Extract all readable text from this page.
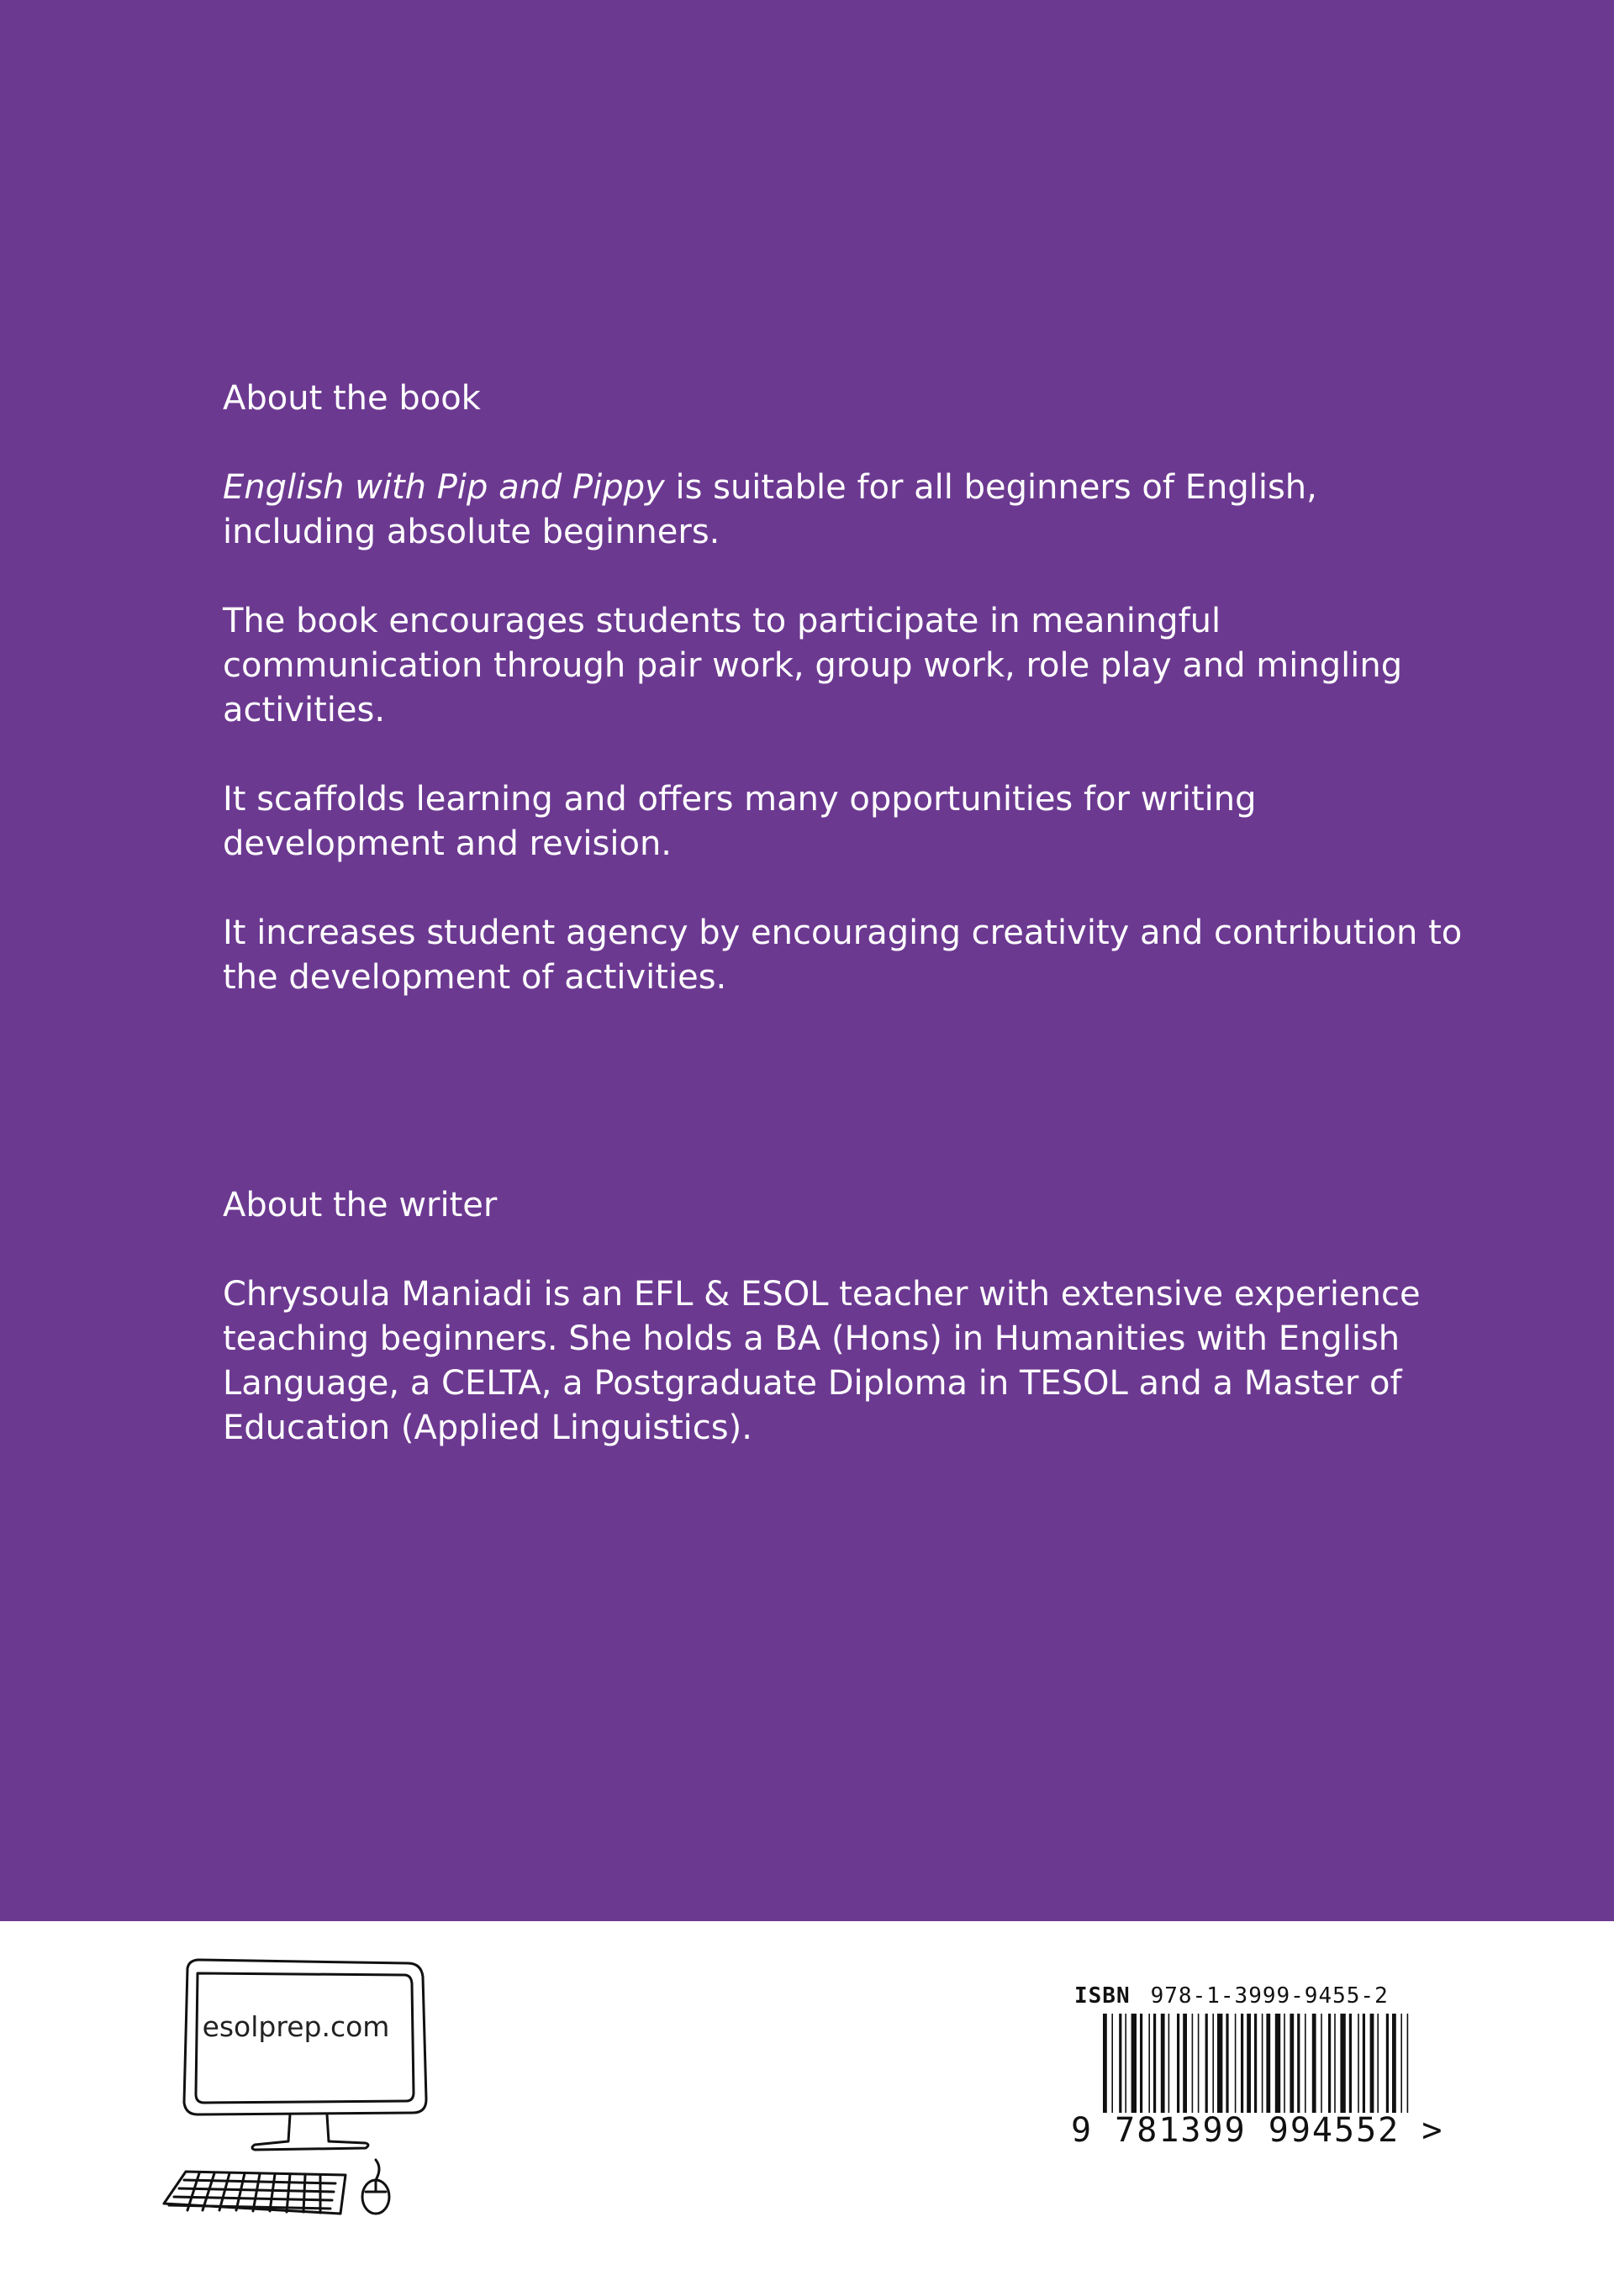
About the book

English with Pip and Pippy is suitable for all beginners of English, including absolute beginners.

The book encourages students to participate in meaningful communication through pair work, group work, role play and mingling activities.

It scaffolds learning and offers many opportunities for writing development and revision.

It increases student agency by encouraging creativity and contribution to the development of activities.

About the writer

Chrysoula Maniadi is an EFL & ESOL teacher with extensive experience teaching beginners. She holds a BA (Hons) in Humanities with English Language, a CELTA, a Postgraduate Diploma in TESOL and a Master of Education (Applied Linguistics).

esolprep.com
ISBN 978-1-3999-9455-2
9 781399 994552 >
